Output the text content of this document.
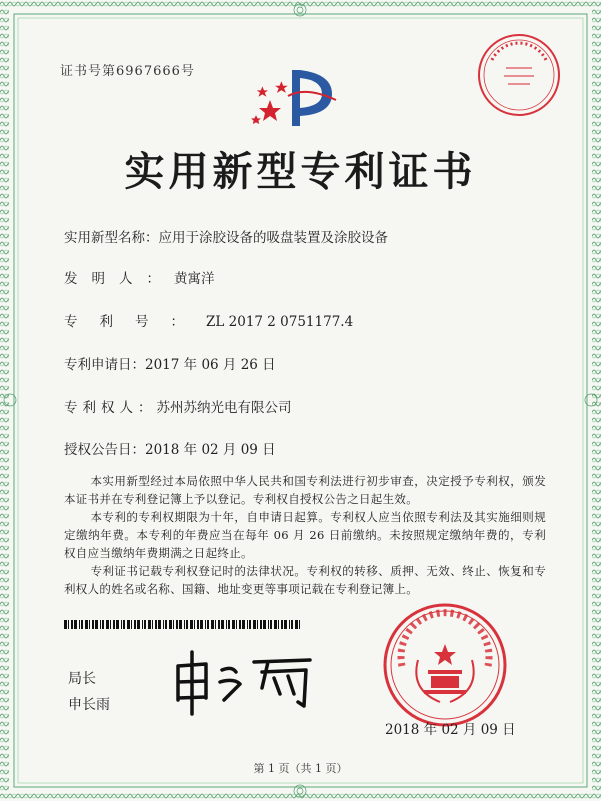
证书号第6967666号
实用新型专利证书
实用新型名称：应用于涂胶设备的吸盘装置及涂胶设备
发明人：黄寓洋
专利号：ZL 2017 2 0751177.4
专利申请日：2017 年 06 月 26 日
专利权人：苏州苏纳光电有限公司
授权公告日：2018 年 02 月 09 日

本实用新型经过本局依照中华人民共和国专利法进行初步审查，决定授予专利权，颁发本证书并在专利登记簿上予以登记。专利权自授权公告之日起生效。

本专利的专利权期限为十年，自申请日起算。专利权人应当依照专利法及其实施细则规定缴纳年费。本专利的年费应当在每年 06 月 26 日前缴纳。未按照规定缴纳年费的，专利权自应当缴纳年费期满之日起终止。

专利证书记载专利权登记时的法律状况。专利权的转移、质押、无效、终止、恢复和专利权人的姓名或名称、国籍、地址变更等事项记载在专利登记簿上。

局长
申长雨
2018 年 02 月 09 日
第 1 页（共 1 页）
